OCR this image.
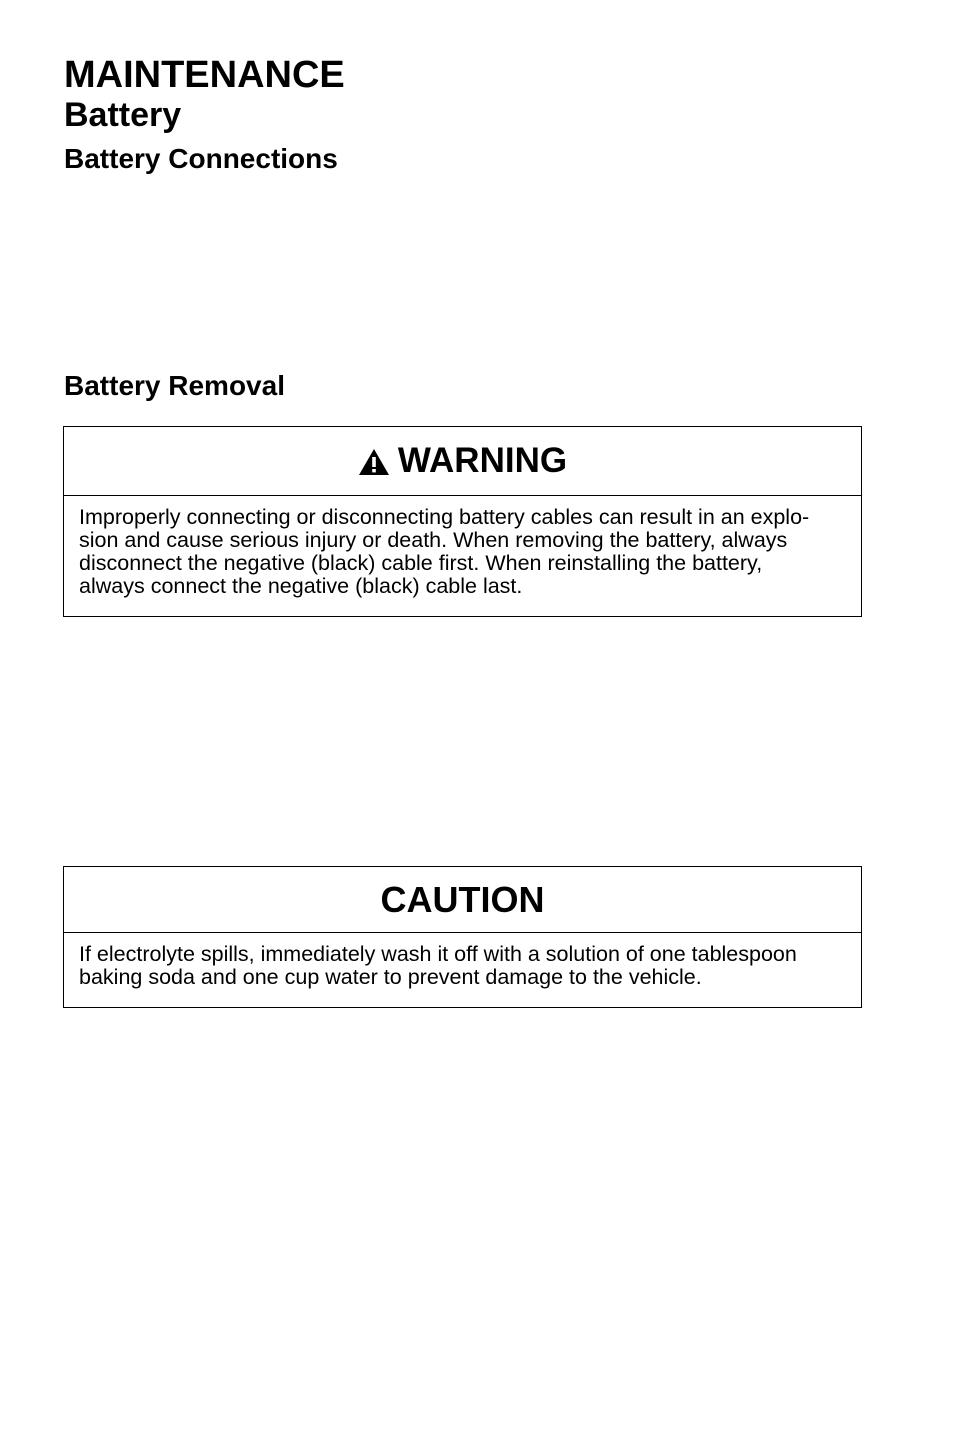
MAINTENANCE
Battery
Battery Connections
Battery Removal
WARNING
Improperly connecting or disconnecting battery cables can result in an explo-
sion and cause serious injury or death. When removing the battery, always
disconnect the negative (black) cable first. When reinstalling the battery,
always connect the negative (black) cable last.
CAUTION
If electrolyte spills, immediately wash it off with a solution of one tablespoon
baking soda and one cup water to prevent damage to the vehicle.
